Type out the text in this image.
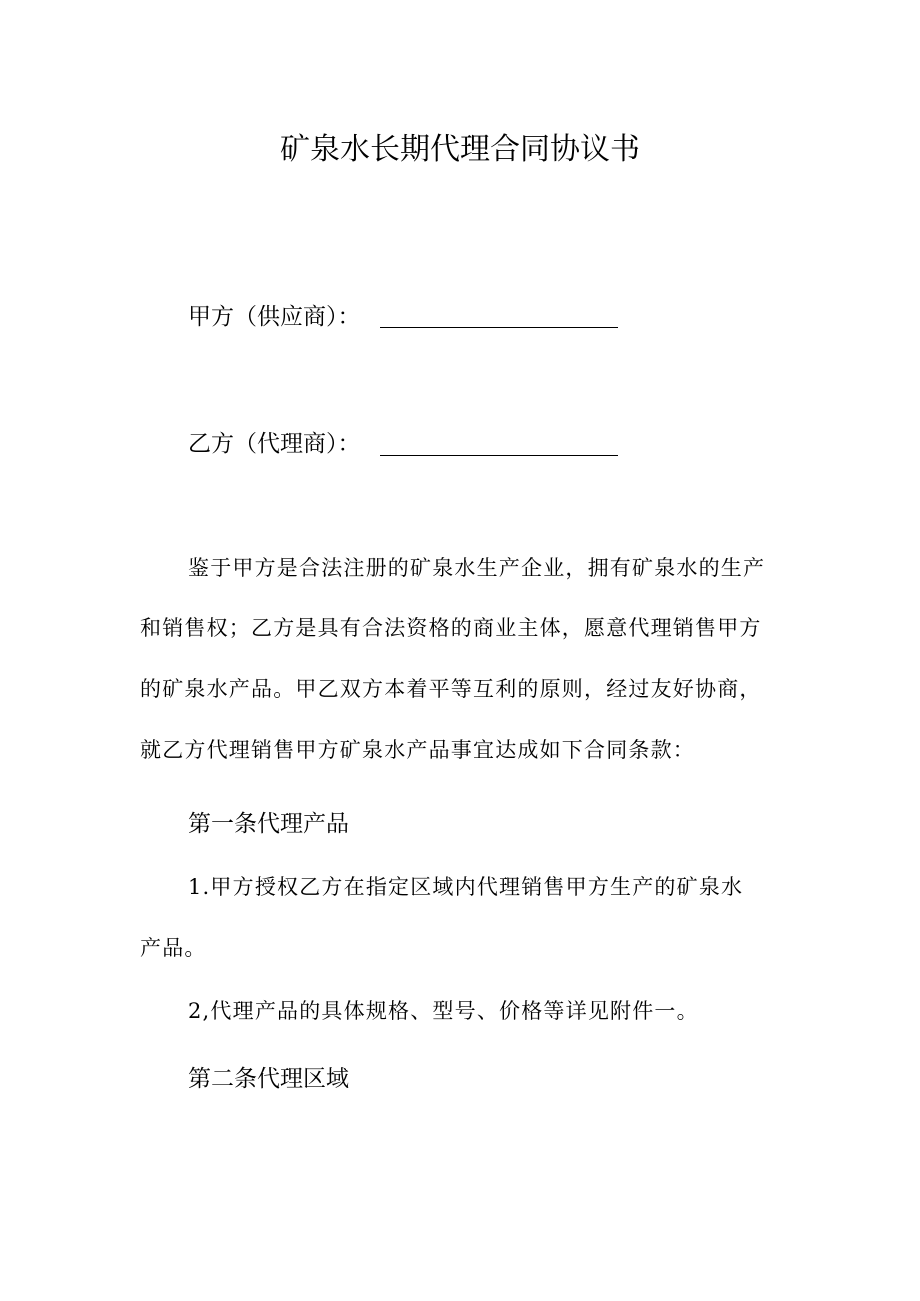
矿泉水长期代理合同协议书
甲方（供应商）：
乙方（代理商）：
鉴于甲方是合法注册的矿泉水生产企业，拥有矿泉水的生产
和销售权；乙方是具有合法资格的商业主体，愿意代理销售甲方
的矿泉水产品。甲乙双方本着平等互利的原则，经过友好协商，
就乙方代理销售甲方矿泉水产品事宜达成如下合同条款：
第一条代理产品
1.甲方授权乙方在指定区域内代理销售甲方生产的矿泉水
产品。
2,代理产品的具体规格、型号、价格等详见附件一。
第二条代理区域
